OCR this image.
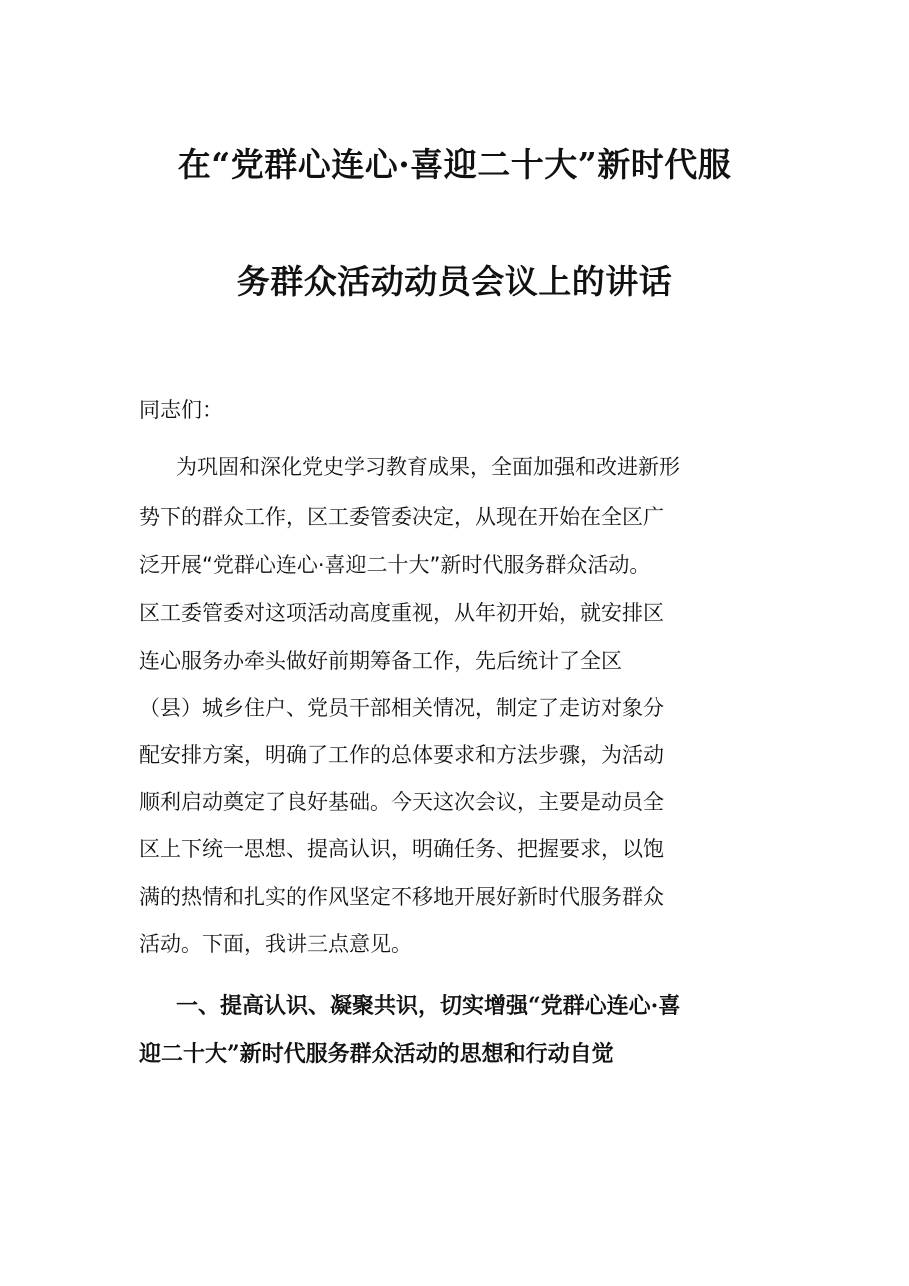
在“党群心连心·喜迎二十大”新时代服
务群众活动动员会议上的讲话
同志们：
为巩固和深化党史学习教育成果，全面加强和改进新形
势下的群众工作，区工委管委决定，从现在开始在全区广
泛开展“党群心连心·喜迎二十大”新时代服务群众活动。
区工委管委对这项活动高度重视，从年初开始，就安排区
连心服务办牵头做好前期筹备工作，先后统计了全区
（县）城乡住户、党员干部相关情况，制定了走访对象分
配安排方案，明确了工作的总体要求和方法步骤，为活动
顺利启动奠定了良好基础。今天这次会议，主要是动员全
区上下统一思想、提高认识，明确任务、把握要求，以饱
满的热情和扎实的作风坚定不移地开展好新时代服务群众
活动。下面，我讲三点意见。
一、提高认识、凝聚共识，切实增强“党群心连心·喜
迎二十大”新时代服务群众活动的思想和行动自觉
